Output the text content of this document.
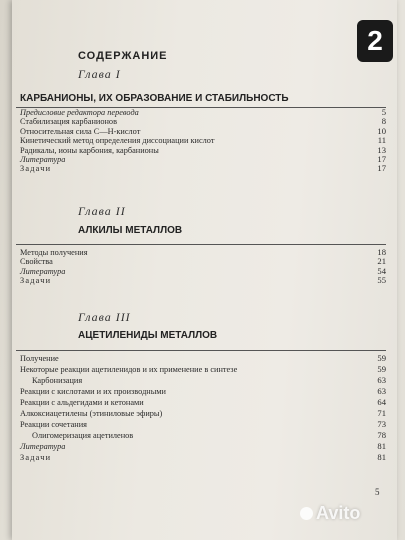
2
СОДЕРЖАНИЕ
Глава I
КАРБАНИОНЫ, ИХ ОБРАЗОВАНИЕ И СТАБИЛЬНОСТЬ
Предисловие редактора перевода	5
Стабилизация карбанионов	8
Относительная сила С—Н-кислот	10
Кинетический метод определения диссоциации кислот	11
Радикалы, ионы карбония, карбанионы	13
Литература	17
Задачи	17
Глава II
АЛКИЛЫ МЕТАЛЛОВ
Методы получения	18
Свойства	21
Литература	54
Задачи	55
Глава III
АЦЕТИЛЕНИДЫ МЕТАЛЛОВ
Получение	59
Некоторые реакции ацетиленидов и их применение в синтезе	59
Карбонизация	63
Реакции с кислотами и их производными	63
Реакции с альдегидами и кетонами	64
Алкоксиацетилены (этиниловые эфиры)	71
Реакции сочетания	73
Олигомеризация ацетиленов	78
Литература	81
Задачи	81
5
Avito
